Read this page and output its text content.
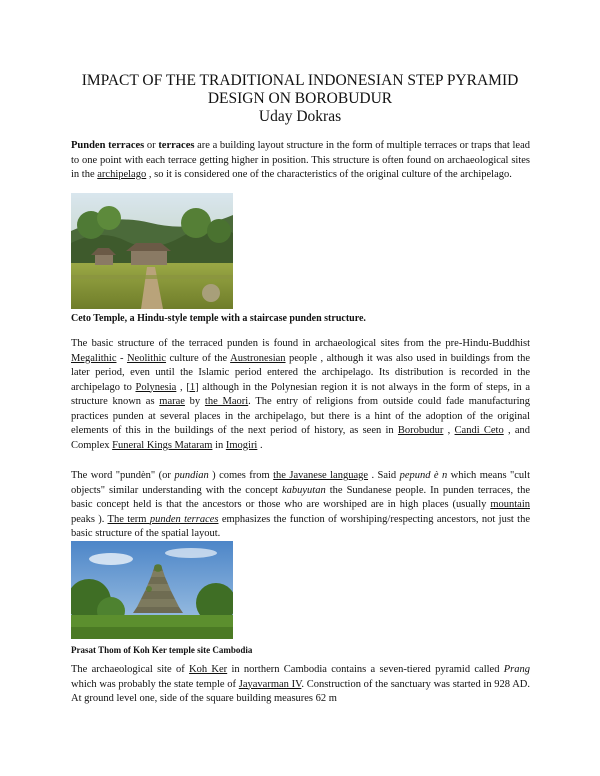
IMPACT OF THE TRADITIONAL INDONESIAN STEP PYRAMID
DESIGN ON BOROBUDUR
Uday Dokras
Punden terraces or terraces are a building layout structure in the form of multiple terraces or traps that lead to one point with each terrace getting higher in position. This structure is often found on archaeological sites in the archipelago , so it is considered one of the characteristics of the original culture of the archipelago.
Ceto Temple, a Hindu-style temple with a staircase punden structure.
The basic structure of the terraced punden is found in archaeological sites from the pre-Hindu-Buddhist Megalithic - Neolithic culture of the Austronesian people , although it was also used in buildings from the later period, even until the Islamic period entered the archipelago. Its distribution is recorded in the archipelago to Polynesia , [1] although in the Polynesian region it is not always in the form of steps, in a structure known as marae by the Maori. The entry of religions from outside could fade manufacturing practices punden at several places in the archipelago, but there is a hint of the adoption of the original elements of this in the buildings of the next period of history, as seen in Borobudur , Candi Ceto , and Complex Funeral Kings Mataram in Imogiri .
The word "pundèn" (or pundian ) comes from the Javanese language . Said pepund è n which means "cult objects" similar understanding with the concept kabuyutan the Sundanese people. In punden terraces, the basic concept held is that the ancestors or those who are worshiped are in high places (usually mountain peaks ). The term punden terraces emphasizes the function of worshiping/respecting ancestors, not just the basic structure of the spatial layout.
Prasat Thom of Koh Ker temple site Cambodia
The archaeological site of Koh Ker in northern Cambodia contains a seven-tiered pyramid called Prang which was probably the state temple of Jayavarman IV. Construction of the sanctuary was started in 928 AD. At ground level one, side of the square building measures 62 m
